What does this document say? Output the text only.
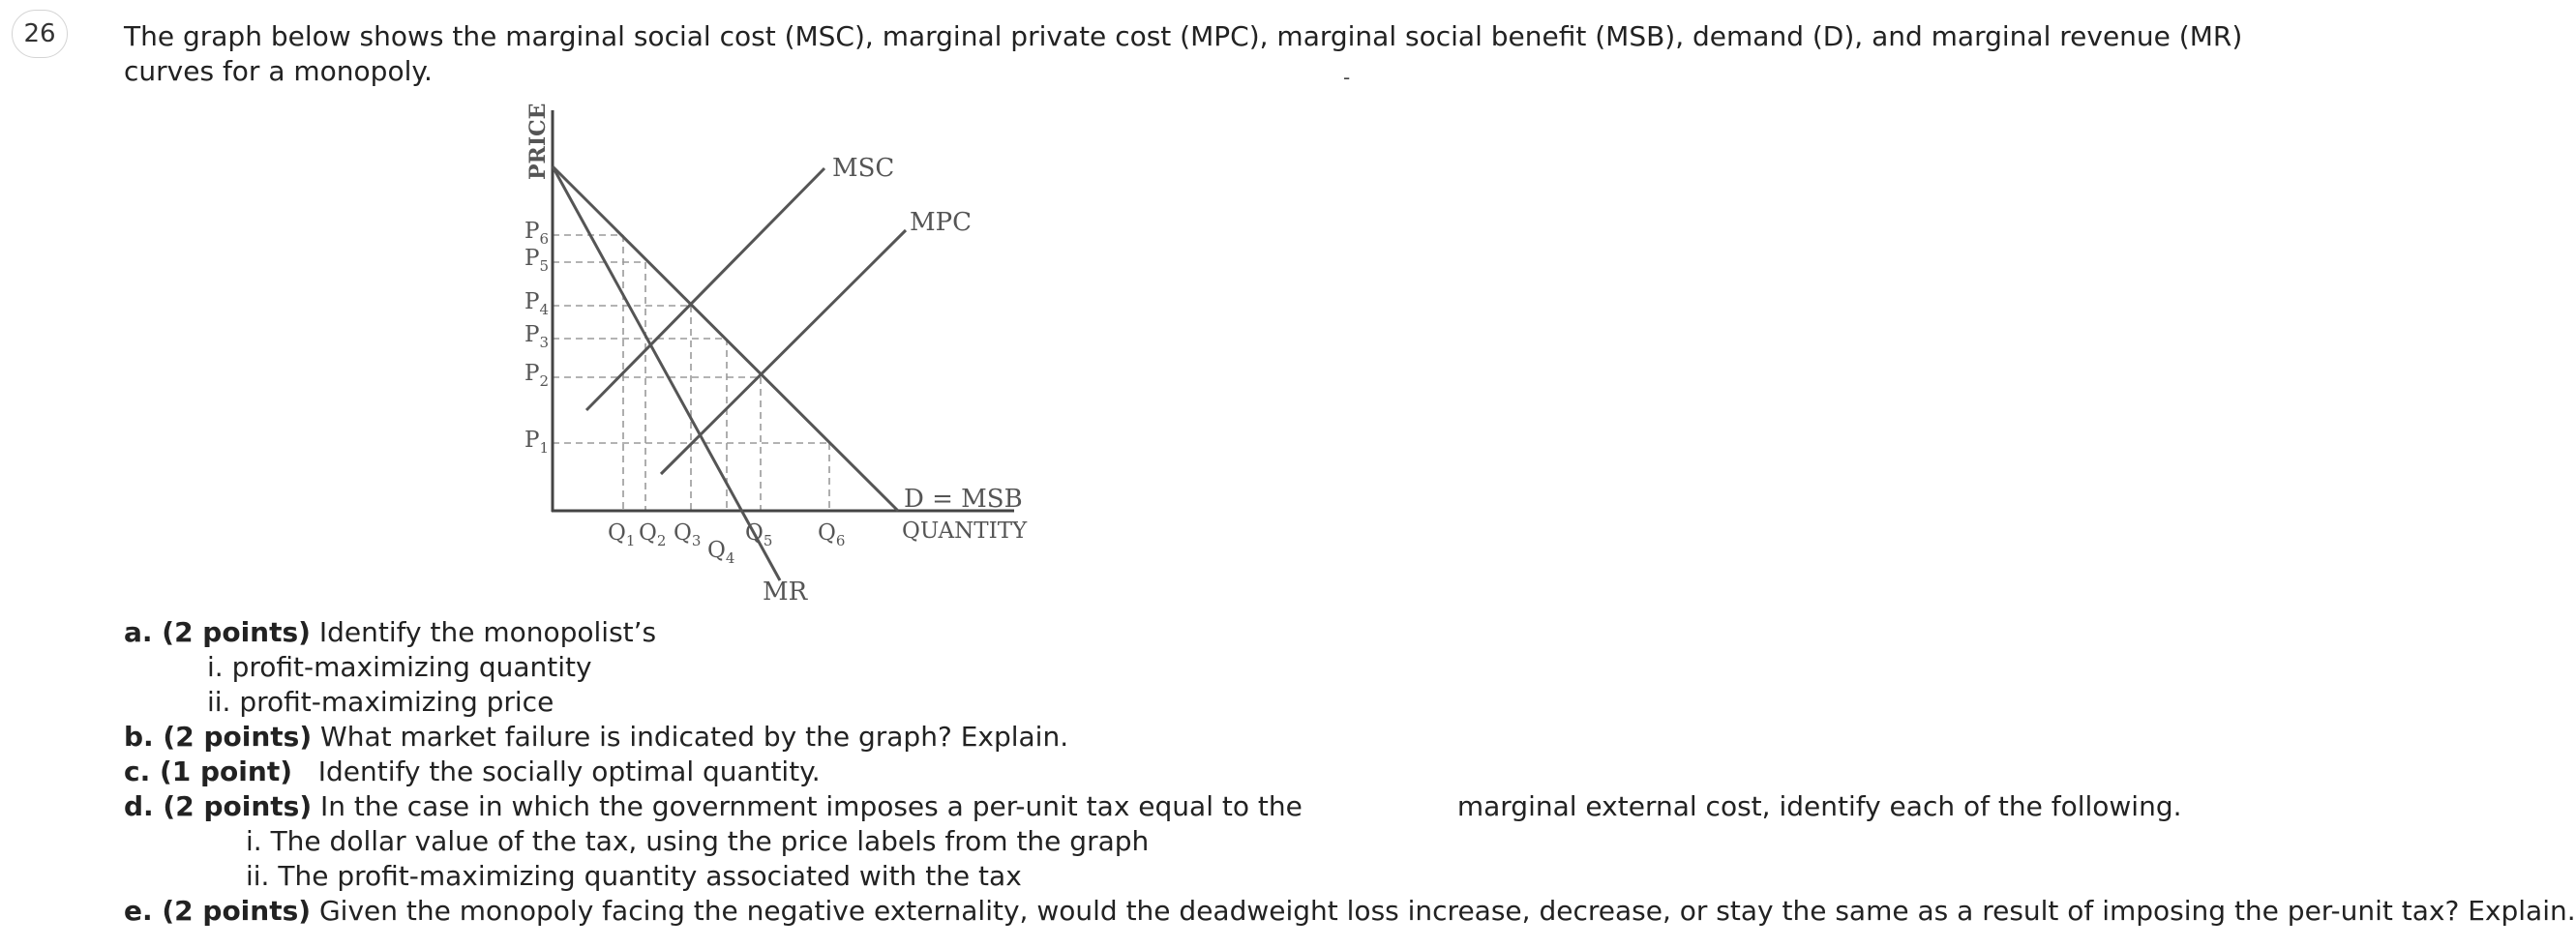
26	The graph below shows the marginal social cost (MSC), marginal private cost (MPC), marginal social benefit (MSB), demand (D), and marginal revenue (MR) curves for a monopoly.	-
PRICE
QUANTITY
MSC
MPC
D = MSB
MR
$P_6$
$P_5$
$P_4$
$P_3$
$P_2$
$P_1$
$Q_1$ $Q_2$ $Q_3$ $Q_4$
$Q_5$ $Q_6$
a. (2 points) Identify the monopolist’s
i. profit-maximizing quantity
ii. profit-maximizing price
b. (2 points) What market failure is indicated by the graph? Explain.
c. (1 point)   Identify the socially optimal quantity.
d. (2 points) In the case in which the government imposes a per-unit tax equal to the	marginal external cost, identify each of the following.
i. The dollar value of the tax, using the price labels from the graph
ii. The profit-maximizing quantity associated with the tax
e. (2 points) Given the monopoly facing the negative externality, would the deadweight loss increase, decrease, or stay the same as a result of imposing the per-unit tax? Explain.
